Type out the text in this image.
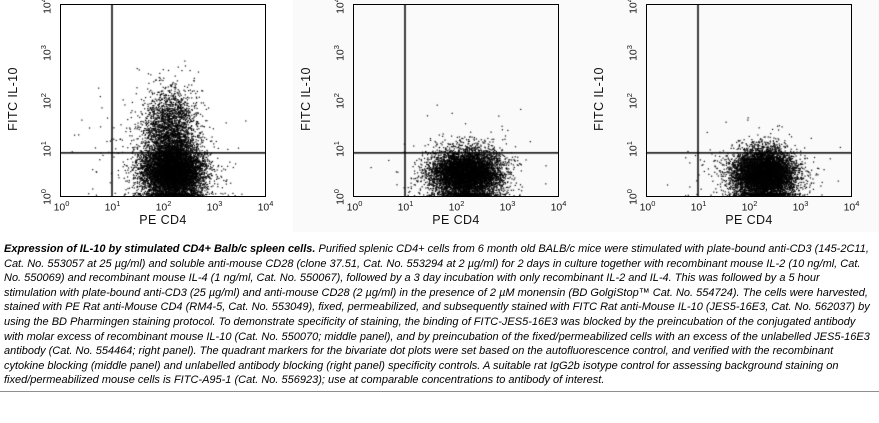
FITC IL-10
$10^0$
$10^1$
$10^2$
$10^3$
10
$10^0$	$10^1$	$10^2$	$10^3$	$10^4$
PE CD4
FITC IL-10
$10^0$
$10^1$
$10^2$
$10^3$
10
$10^0$	$10^1$	$10^2$	$10^3$	$10^4$
PE CD4
FITC IL-10
$10^0$
$10^1$
$10^2$
$10^3$
10
$10^0$	$10^1$	$10^2$	$10^3$	$10^4$
PE CD4

Expression of IL-10 by stimulated CD4+ Balb/c spleen cells. Purified splenic CD4+ cells from 6 month old BALB/c mice were stimulated with plate-bound anti-CD3 (145-2C11, Cat. No. 553057 at 25 µg/ml) and soluble anti-mouse CD28 (clone 37.51, Cat. No. 553294 at 2 µg/ml) for 2 days in culture together with recombinant mouse IL-2 (10 ng/ml, Cat. No. 550069) and recombinant mouse IL-4 (1 ng/ml, Cat. No. 550067), followed by a 3 day incubation with only recombinant IL-2 and IL-4. This was followed by a 5 hour stimulation with plate-bound anti-CD3 (25 µg/ml) and anti-mouse CD28 (2 µg/ml) in the presence of 2 µM monensin (BD GolgiStop™ Cat. No. 554724). The cells were harvested, stained with PE Rat anti-Mouse CD4 (RM4-5, Cat. No. 553049), fixed, permeabilized, and subsequently stained with FITC Rat anti-Mouse IL-10 (JES5-16E3, Cat. No. 562037) by using the BD Pharmingen staining protocol. To demonstrate specificity of staining, the binding of FITC-JES5-16E3 was blocked by the preincubation of the conjugated antibody with molar excess of recombinant mouse IL-10 (Cat. No. 550070; middle panel), and by preincubation of the fixed/permeabilized cells with an excess of the unlabelled JES5-16E3 antibody (Cat. No. 554464; right panel). The quadrant markers for the bivariate dot plots were set based on the autofluorescence control, and verified with the recombinant cytokine blocking (middle panel) and unlabelled antibody blocking (right panel) specificity controls. A suitable rat IgG2b isotype control for assessing background staining on fixed/permeabilized mouse cells is FITC-A95-1 (Cat. No. 556923); use at comparable concentrations to antibody of interest.
